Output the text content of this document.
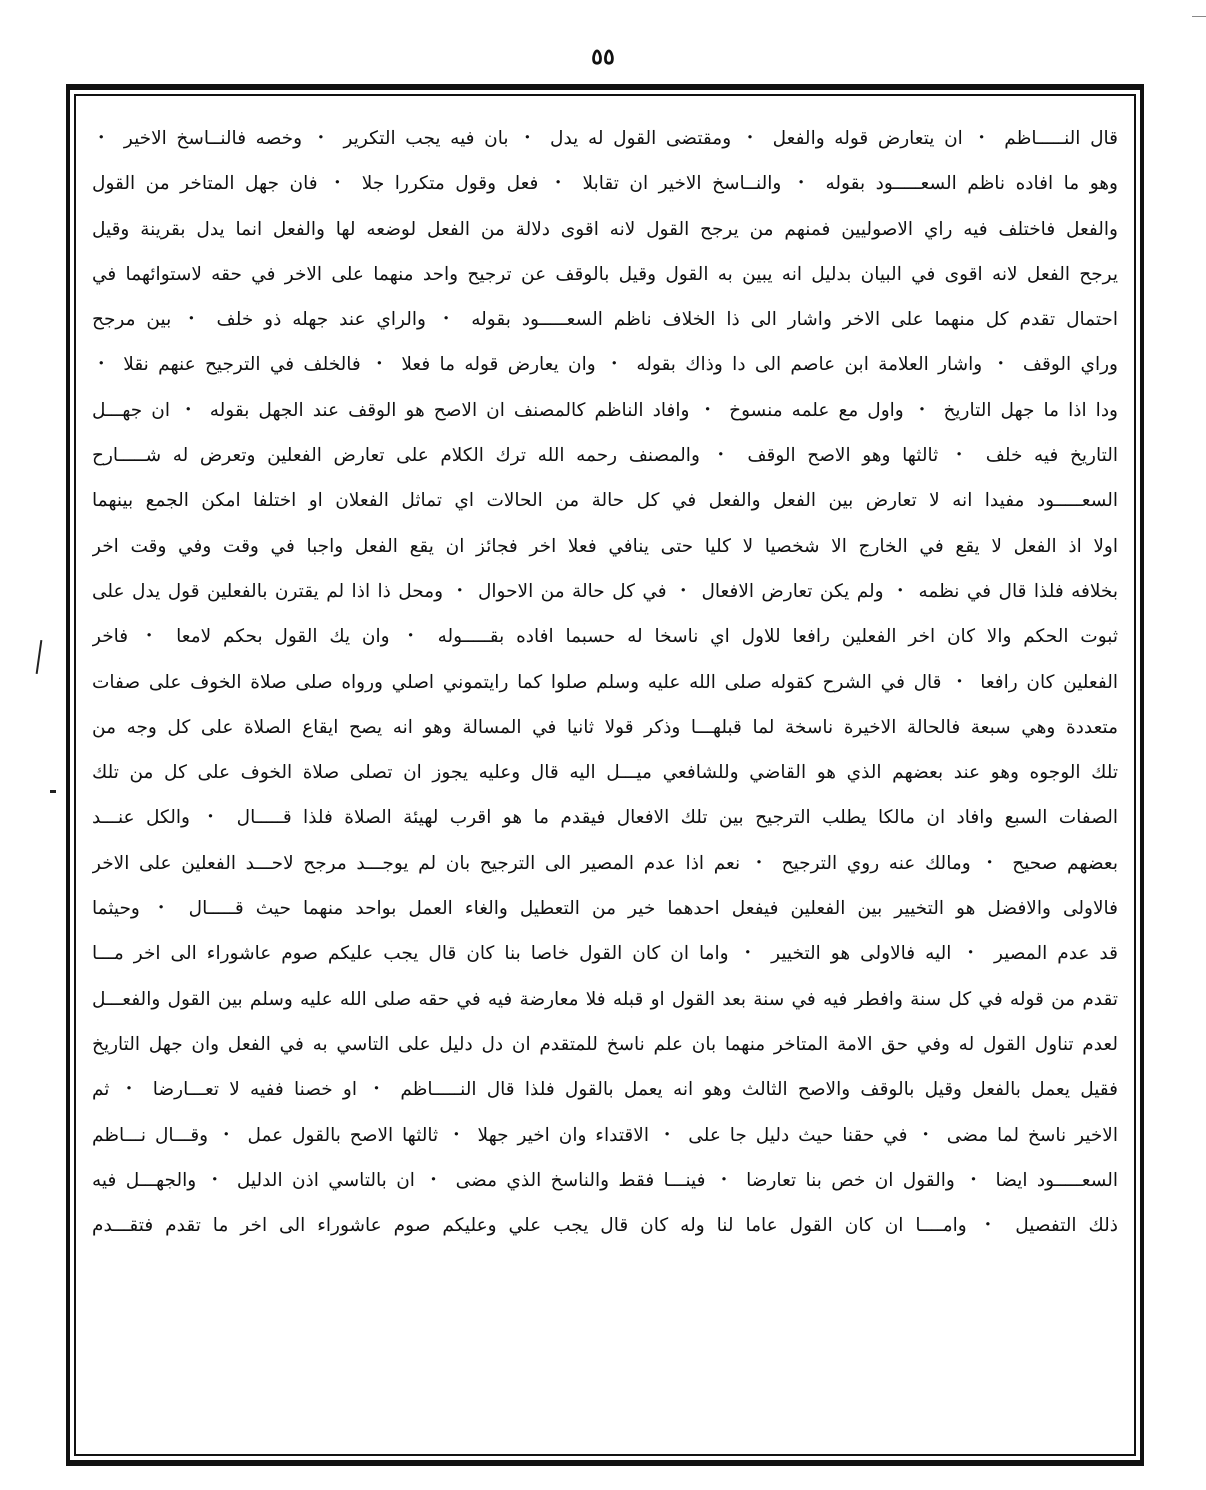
٥٥
قال النـــــاظم ・ ان يتعارض قوله والفعل ・ ومقتضى القول له يدل ・ بان فيه يجب التكرير ・ وخصه فالنــاسخ الاخير ・
وهو ما افاده ناظم السعـــــود بقوله ・ والنــاسخ الاخير ان تقابلا ・ فعل وقول متكررا جلا ・ فان جهل المتاخر من القول
والفعل فاختلف فيه راي الاصوليين فمنهم من يرجح القول لانه اقوى دلالة من الفعل لوضعه لها والفعل انما يدل بقرينة وقيل
يرجح الفعل لانه اقوى في البيان بدليل انه يبين به القول وقيل بالوقف عن ترجيح واحد منهما على الاخر في حقه لاستوائهما في
احتمال تقدم كل منهما على الاخر واشار الى ذا الخلاف ناظم السعـــــود بقوله ・ والراي عند جهله ذو خلف ・ بين مرجح
وراي الوقف ・ واشار العلامة ابن عاصم الى دا وذاك بقوله ・ وان يعارض قوله ما فعلا ・ فالخلف في الترجيح عنهم نقلا ・
ودا اذا ما جهل التاريخ ・ واول مع علمه منسوخ ・ وافاد الناظم كالمصنف ان الاصح هو الوقف عند الجهل بقوله ・ ان جهـــل
التاريخ فيه خلف ・ ثالثها وهو الاصح الوقف ・ والمصنف رحمه الله ترك الكلام على تعارض الفعلين وتعرض له شـــــارح
السعـــــود مفيدا انه لا تعارض بين الفعل والفعل في كل حالة من الحالات اي تماثل الفعلان او اختلفا امكن الجمع بينهما
اولا اذ الفعل لا يقع في الخارج الا شخصيا لا كليا حتى ينافي فعلا اخر فجائز ان يقع الفعل واجبا في وقت وفي وقت اخر
بخلافه فلذا قال في نظمه ・ ولم يكن تعارض الافعال ・ في كل حالة من الاحوال ・ ومحل ذا اذا لم يقترن بالفعلين قول يدل على
ثبوت الحكم والا كان اخر الفعلين رافعا للاول اي ناسخا له حسبما افاده بقـــــوله ・ وان يك القول بحكم لامعا ・ فاخر
الفعلين كان رافعا ・ قال في الشرح كقوله صلى الله عليه وسلم صلوا كما رايتموني اصلي ورواه صلى صلاة الخوف على صفات
متعددة وهي سبعة فالحالة الاخيرة ناسخة لما قبلهـــا وذكر قولا ثانيا في المسالة وهو انه يصح ايقاع الصلاة على كل وجه من
تلك الوجوه وهو عند بعضهم الذي هو القاضي وللشافعي ميـــل اليه قال وعليه يجوز ان تصلى صلاة الخوف على كل من تلك
الصفات السبع وافاد ان مالكا يطلب الترجيح بين تلك الافعال فيقدم ما هو اقرب لهيئة الصلاة فلذا قـــــال ・ والكل عنـــد
بعضهم صحيح ・ ومالك عنه روي الترجيح ・ نعم اذا عدم المصير الى الترجيح بان لم يوجـــد مرجح لاحـــد الفعلين على الاخر
فالاولى والافضل هو التخيير بين الفعلين فيفعل احدهما خير من التعطيل والغاء العمل بواحد منهما حيث قـــــال ・ وحيثما
قد عدم المصير ・ اليه فالاولى هو التخيير ・ واما ان كان القول خاصا بنا كان قال يجب عليكم صوم عاشوراء الى اخر مـــا
تقدم من قوله في كل سنة وافطر فيه في سنة بعد القول او قبله فلا معارضة فيه في حقه صلى الله عليه وسلم بين القول والفعـــل
لعدم تناول القول له وفي حق الامة المتاخر منهما بان علم ناسخ للمتقدم ان دل دليل على التاسي به في الفعل وان جهل التاريخ
فقيل يعمل بالفعل وقيل بالوقف والاصح الثالث وهو انه يعمل بالقول فلذا قال النـــــاظم ・ او خصنا ففيه لا تعـــارضا ・ ثم
الاخير ناسخ لما مضى ・ في حقنا حيث دليل جا على ・ الاقتداء وان اخير جهلا ・ ثالثها الاصح بالقول عمل ・ وقـــال نـــاظم
السعـــــود ايضا ・ والقول ان خص بنا تعارضا ・ فينـــا فقط والناسخ الذي مضى ・ ان بالتاسي اذن الدليل ・ والجهـــل فيه
ذلك التفصيل ・ وامــــا ان كان القول عاما لنا وله كان قال يجب علي وعليكم صوم عاشوراء الى اخر ما تقدم فتقـــدم
